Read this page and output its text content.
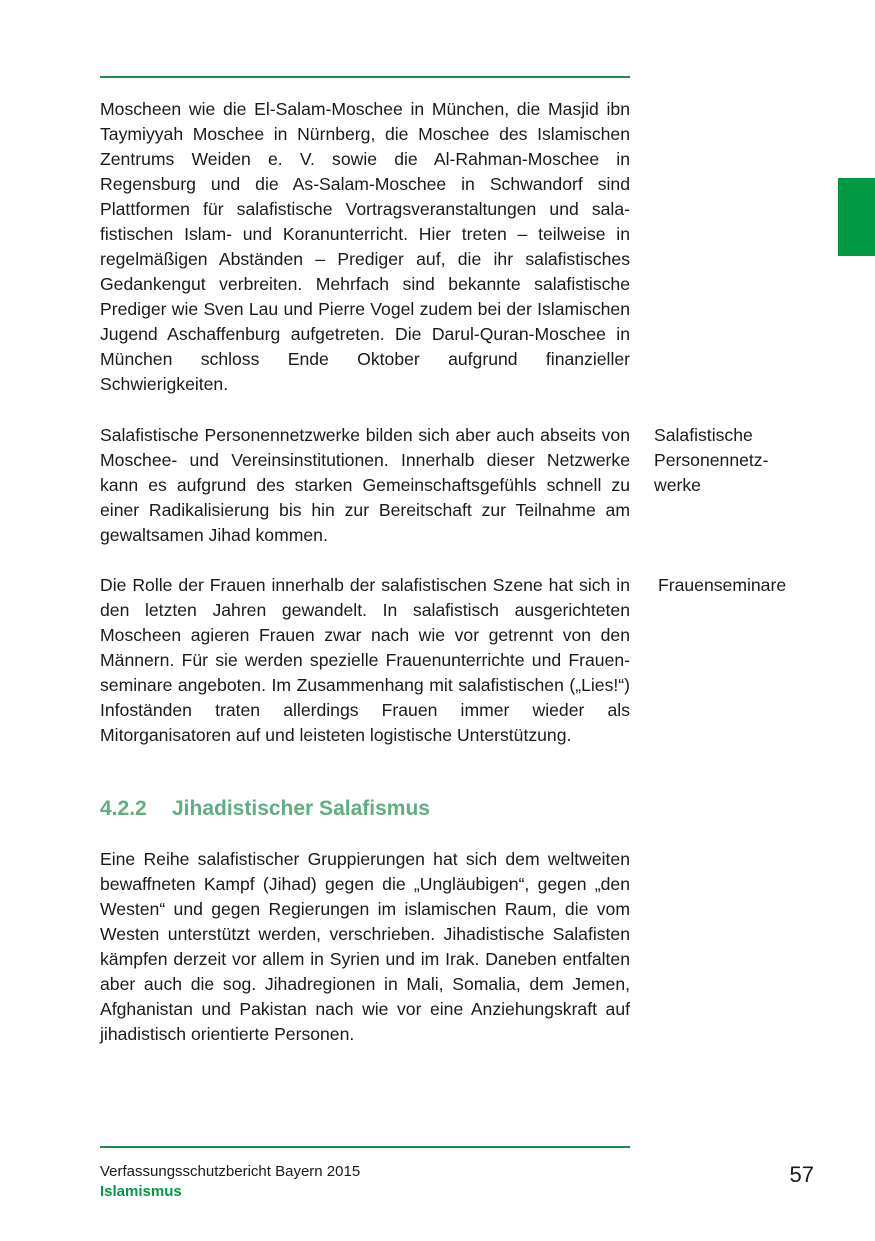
Moscheen wie die El-Salam-Moschee in München, die Masjid ibn Taymiyyah Moschee in Nürnberg, die Moschee des Islamischen Zentrums Weiden e. V. sowie die Al-Rahman-Moschee in Regensburg und die As-Salam-Moschee in Schwandorf sind Plattformen für salafistische Vortragsveranstaltungen und salafistischen Islam- und Koranunterricht. Hier treten – teilweise in regelmäßigen Abständen – Prediger auf, die ihr salafistisches Gedankengut verbreiten. Mehrfach sind bekannte salafistische Prediger wie Sven Lau und Pierre Vogel zudem bei der Islamischen Jugend Aschaffenburg aufgetreten. Die Darul-Quran-Moschee in München schloss Ende Oktober aufgrund finanzieller Schwierigkeiten.

Salafistische Personennetzwerke bilden sich aber auch abseits von Moschee- und Vereinsinstitutionen. Innerhalb dieser Netzwerke kann es aufgrund des starken Gemeinschaftsgefühls schnell zu einer Radikalisierung bis hin zur Bereitschaft zur Teilnahme am gewaltsamen Jihad kommen.

Salafistische Personennetzwerke

Die Rolle der Frauen innerhalb der salafistischen Szene hat sich in den letzten Jahren gewandelt. In salafistisch ausgerichteten Moscheen agieren Frauen zwar nach wie vor getrennt von den Männern. Für sie werden spezielle Frauenunterrichte und Frauenseminare angeboten. Im Zusammenhang mit salafistischen („Lies!“) Infoständen traten allerdings Frauen immer wieder als Mitorganisatoren auf und leisteten logistische Unterstützung.

Frauenseminare
4.2.2 Jihadistischer Salafismus

Eine Reihe salafistischer Gruppierungen hat sich dem weltweiten bewaffneten Kampf (Jihad) gegen die „Ungläubigen“, gegen „den Westen“ und gegen Regierungen im islamischen Raum, die vom Westen unterstützt werden, verschrieben. Jihadistische Salafisten kämpfen derzeit vor allem in Syrien und im Irak. Daneben entfalten aber auch die sog. Jihadregionen in Mali, Somalia, dem Jemen, Afghanistan und Pakistan nach wie vor eine Anziehungskraft auf jihadistisch orientierte Personen.

Verfassungsschutzbericht Bayern 2015
Islamismus
57
